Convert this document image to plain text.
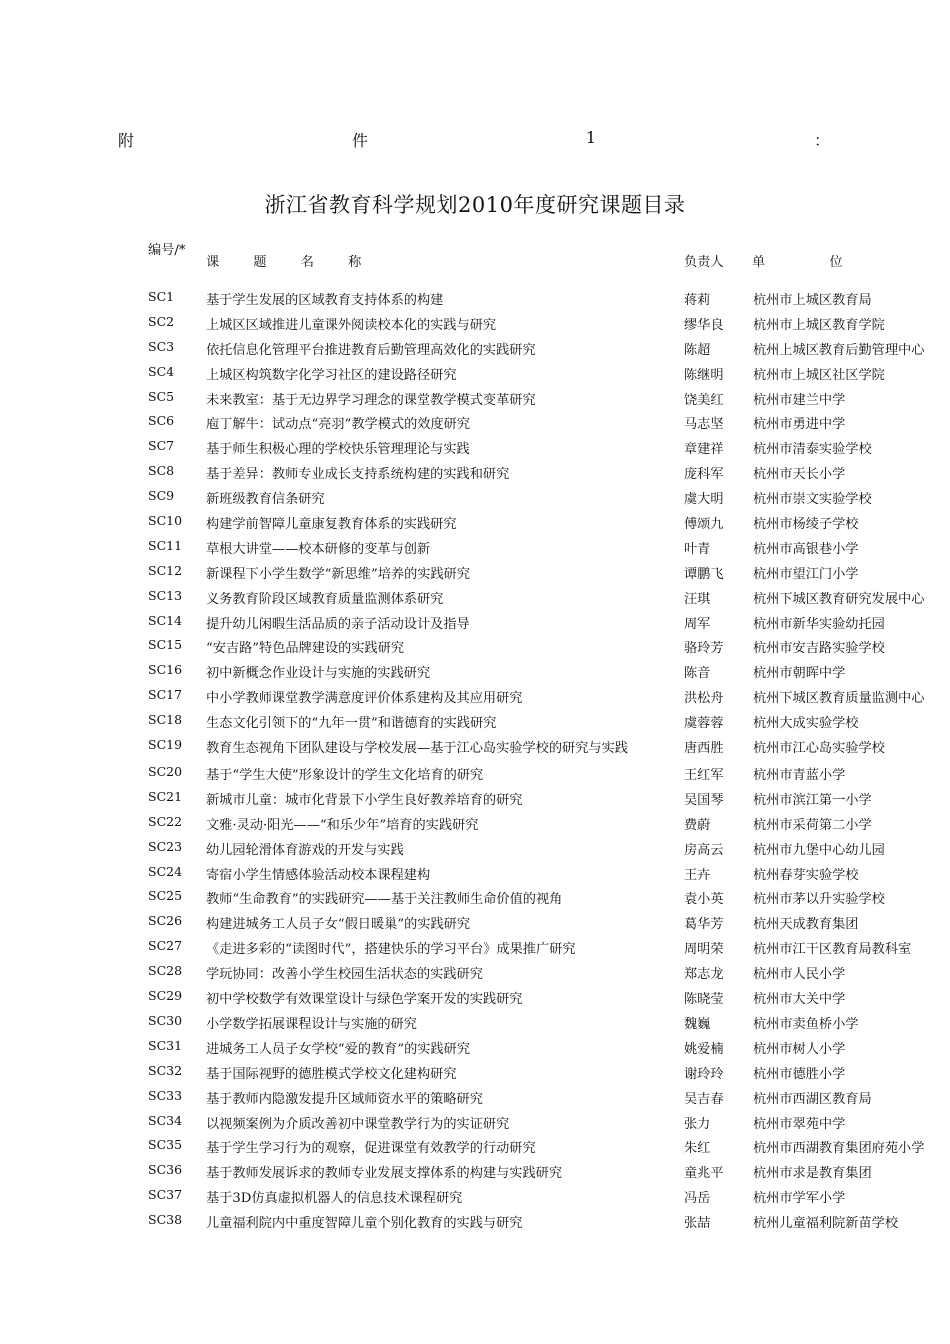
附	件	1	：
浙江省教育科学规划2010年度研究课题目录
编号/*
课 题 名 称	负责人 单 位
SC1 基于学生发展的区域教育支持体系的构建	蒋莉	杭州市上城区教育局
SC2 上城区区域推进儿童课外阅读校本化的实践与研究	缪华良 杭州市上城区教育学院
SC3 依托信息化管理平台推进教育后勤管理高效化的实践研究	陈超	杭州上城区教育后勤管理中心
SC4 上城区构筑数字化学习社区的建设路径研究	陈继明 杭州市上城区社区学院
SC5 未来教室：基于无边界学习理念的课堂教学模式变革研究	饶美红 杭州市建兰中学
SC6 庖丁解牛：试动点“亮羽”教学模式的效度研究	马志坚 杭州市勇进中学
SC7 基于师生积极心理的学校快乐管理理论与实践	章建祥 杭州市清泰实验学校
SC8 基于差异：教师专业成长支持系统构建的实践和研究	庞科军 杭州市天长小学
SC9 新班级教育信条研究	虞大明 杭州市崇文实验学校
SC10 构建学前智障儿童康复教育体系的实践研究	傅颂九 杭州市杨绫子学校
SC11 草根大讲堂——校本研修的变革与创新	叶青	杭州市高银巷小学
SC12 新课程下小学生数学“新思维”培养的实践研究	谭鹏飞 杭州市望江门小学
SC13 义务教育阶段区域教育质量监测体系研究	汪琪	杭州下城区教育研究发展中心
SC14 提升幼儿闲暇生活品质的亲子活动设计及指导	周军	杭州市新华实验幼托园
SC15 “安吉路”特色品牌建设的实践研究	骆玲芳 杭州市安吉路实验学校
SC16 初中新概念作业设计与实施的实践研究	陈音	杭州市朝晖中学
SC17 中小学教师课堂教学满意度评价体系建构及其应用研究	洪松舟 杭州下城区教育质量监测中心
SC18 生态文化引领下的“九年一贯”和谐德育的实践研究	虞蓉蓉 杭州大成实验学校
SC19 教育生态视角下团队建设与学校发展—基于江心岛实验学校的研究与实践	唐西胜 杭州市江心岛实验学校
SC20 基于“学生大使”形象设计的学生文化培育的研究	王红军 杭州市青蓝小学
SC21 新城市儿童：城市化背景下小学生良好教养培育的研究	吴国琴 杭州市滨江第一小学
SC22 文雅·灵动·阳光——“和乐少年”培育的实践研究	费蔚	杭州市采荷第二小学
SC23 幼儿园轮滑体育游戏的开发与实践	房高云 杭州市九堡中心幼儿园
SC24 寄宿小学生情感体验活动校本课程建构	王卉	杭州春芽实验学校
SC25 教师“生命教育”的实践研究——基于关注教师生命价值的视角	袁小英 杭州市茅以升实验学校
SC26 构建进城务工人员子女“假日暖巢”的实践研究	葛华芳 杭州天成教育集团
SC27 《走进多彩的“读图时代”，搭建快乐的学习平台》成果推广研究	周明荣 杭州市江干区教育局教科室
SC28 学玩协同：改善小学生校园生活状态的实践研究	郑志龙 杭州市人民小学
SC29 初中学校数学有效课堂设计与绿色学案开发的实践研究	陈晓莹 杭州市大关中学
SC30 小学数学拓展课程设计与实施的研究	魏巍	杭州市卖鱼桥小学
SC31 进城务工人员子女学校“爱的教育”的实践研究	姚爱楠 杭州市树人小学
SC32 基于国际视野的德胜模式学校文化建构研究	谢玲玲 杭州市德胜小学
SC33 基于教师内隐激发提升区域师资水平的策略研究	吴吉春 杭州市西湖区教育局
SC34 以视频案例为介质改善初中课堂教学行为的实证研究	张力	杭州市翠苑中学
SC35 基于学生学习行为的观察，促进课堂有效教学的行动研究	朱红	杭州市西湖教育集团府苑小学
SC36 基于教师发展诉求的教师专业发展支撑体系的构建与实践研究	童兆平 杭州市求是教育集团
SC37 基于3D仿真虚拟机器人的信息技术课程研究	冯岳	杭州市学军小学
SC38 儿童福利院内中重度智障儿童个别化教育的实践与研究	张喆	杭州儿童福利院新苗学校
